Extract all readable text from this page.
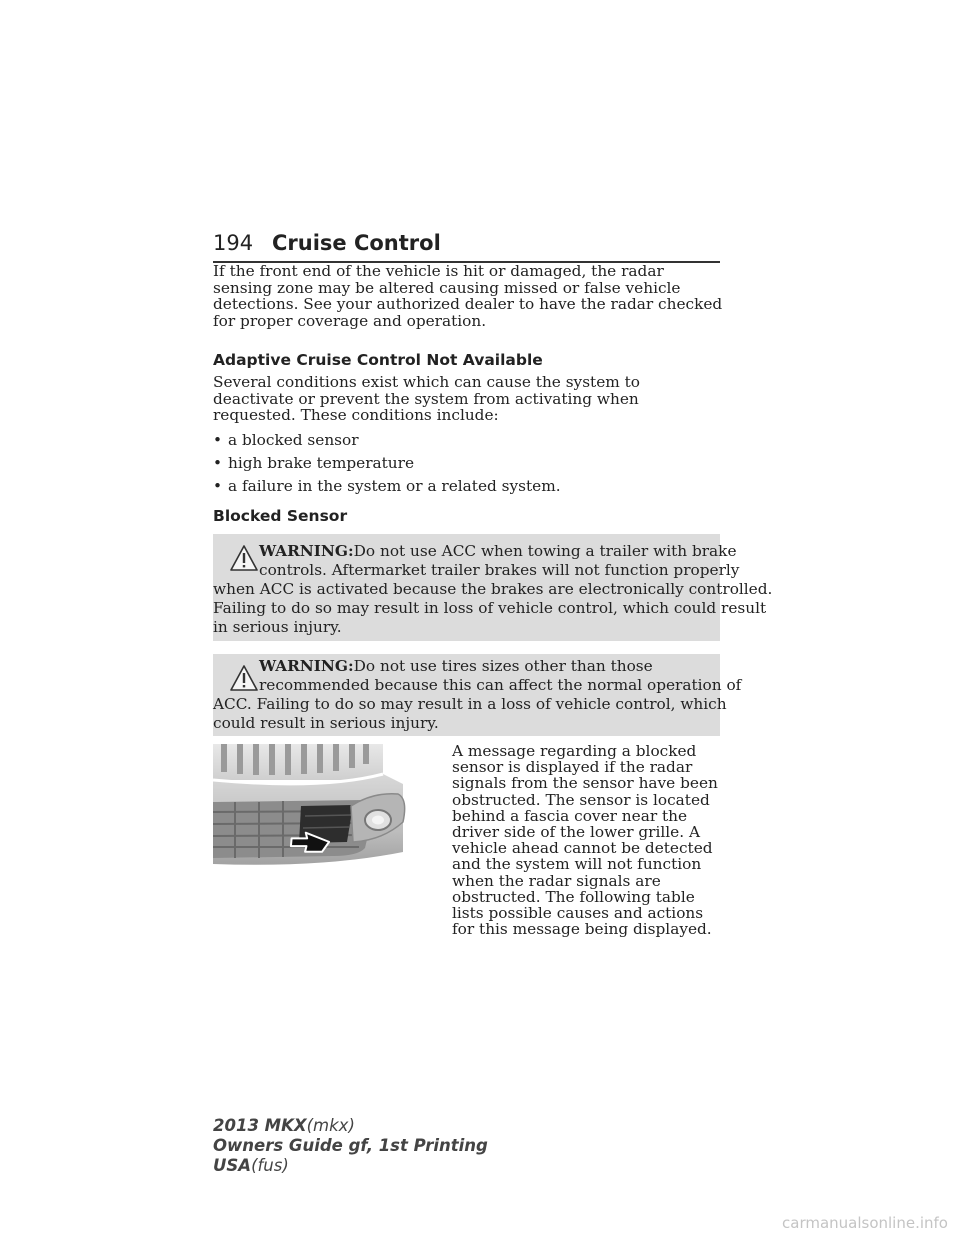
194 Cruise Control

If the front end of the vehicle is hit or damaged, the radar sensing zone may be altered causing missed or false vehicle detections. See your authorized dealer to have the radar checked for proper coverage and operation.

Adaptive Cruise Control Not Available

Several conditions exist which can cause the system to deactivate or prevent the system from activating when requested. These conditions include:

• a blocked sensor
• high brake temperature
• a failure in the system or a related system.
Blocked Sensor
WARNING:Do not use ACC when towing a trailer with brake
controls. Aftermarket trailer brakes will not function properly
when ACC is activated because the brakes are electronically controlled.
Failing to do so may result in loss of vehicle control, which could result
in serious injury.
WARNING:Do not use tires sizes other than those
recommended because this can affect the normal operation of
ACC. Failing to do so may result in a loss of vehicle control, which
could result in serious injury.

A message regarding a blocked sensor is displayed if the radar signals from the sensor have been obstructed. The sensor is located behind a fascia cover near the driver side of the lower grille. A vehicle ahead cannot be detected and the system will not function when the radar signals are obstructed. The following table lists possible causes and actions for this message being displayed.

2013 MKX(mkx)
Owners Guide gf, 1st Printing
USA(fus)
carmanualsonline.info
